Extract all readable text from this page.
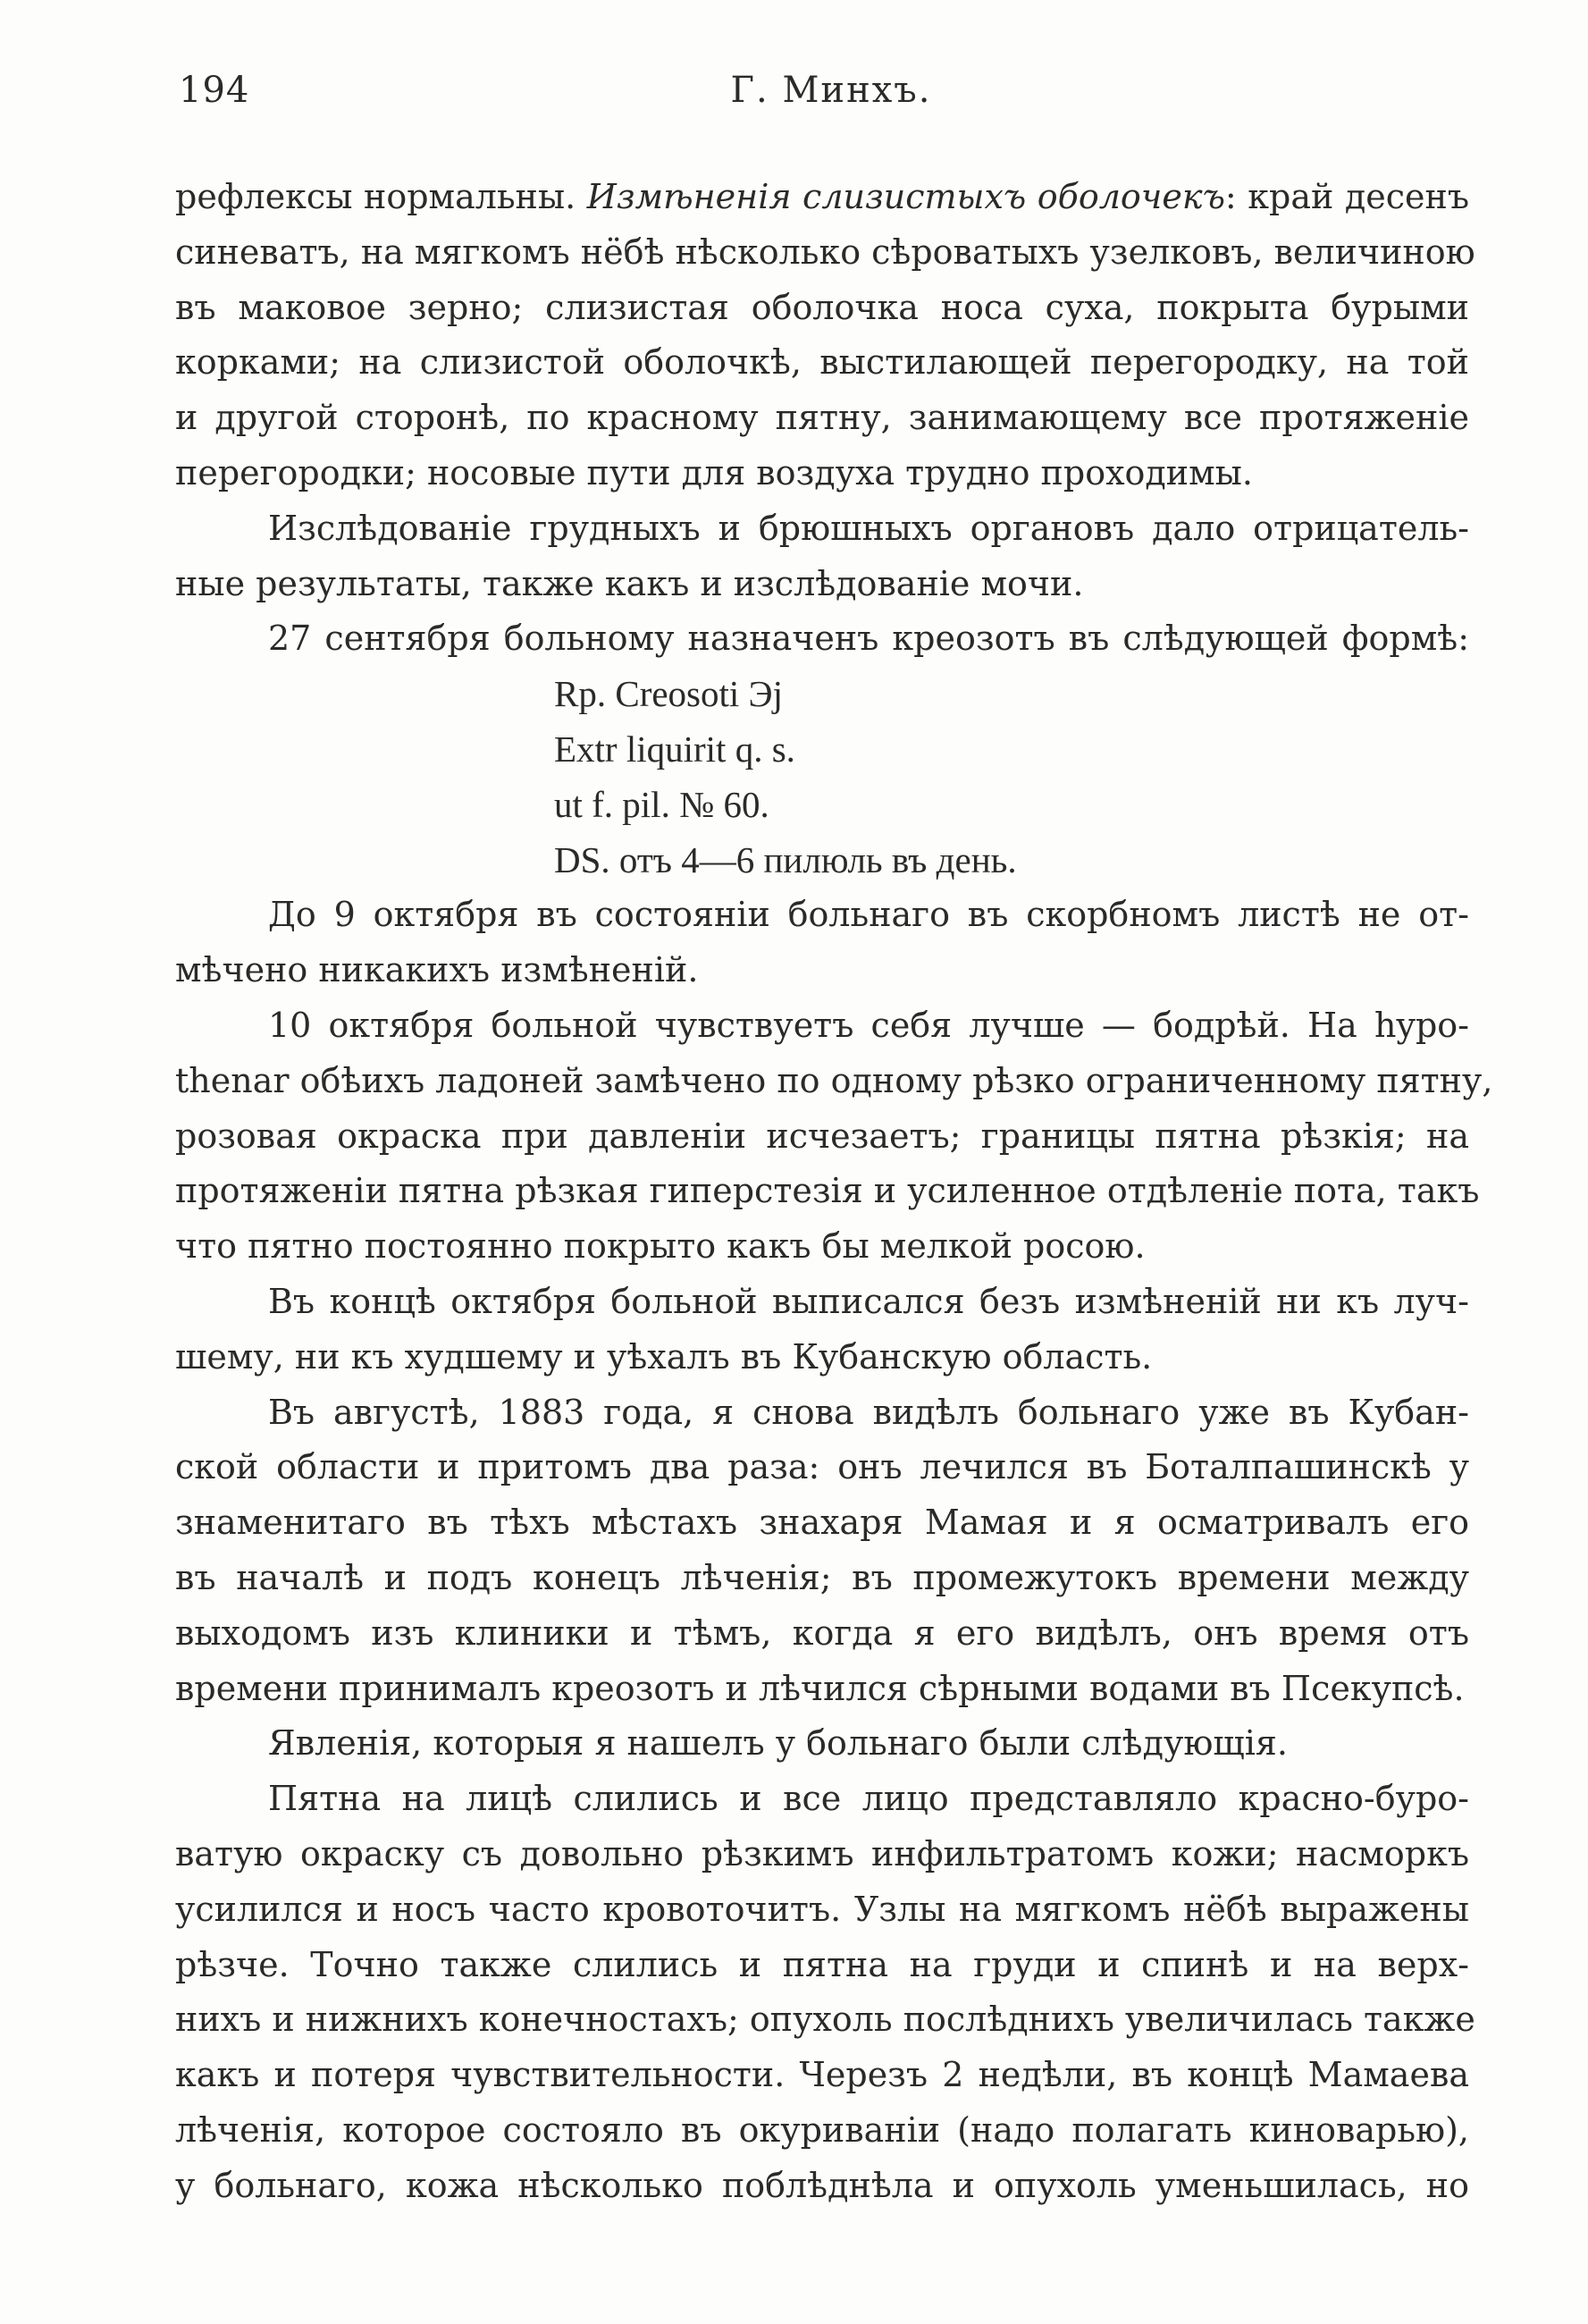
194	Г. Минхъ.
рефлексы нормальны. Измѣненія слизистыхъ оболочекъ: край десенъ
синеватъ, на мягкомъ нёбѣ нѣсколько сѣроватыхъ узелковъ, величиною
въ маковое зерно; слизистая оболочка носа суха, покрыта бурыми
корками; на слизистой оболочкѣ, выстилающей перегородку, на той
и другой сторонѣ, по красному пятну, занимающему все протяженіе
перегородки; носовые пути для воздуха трудно проходимы.
Изслѣдованіе грудныхъ и брюшныхъ органовъ дало отрицатель-
ные результаты, также какъ и изслѣдованіе мочи.
27 сентября больному назначенъ креозотъ въ слѣдующей формѣ:
Rp. Creosoti Эj
Extr liquirit q. s.
ut f. pil. № 60.
DS. отъ 4—6 пилюль въ день.
До 9 октября въ состояніи больнаго въ скорбномъ листѣ не от-
мѣчено никакихъ измѣненій.
10 октября больной чувствуетъ себя лучше — бодрѣй. На hypo-
thenar обѣихъ ладоней замѣчено по одному рѣзко ограниченному пятну,
розовая окраска при давленіи исчезаетъ; границы пятна рѣзкія; на
протяженіи пятна рѣзкая гиперстезія и усиленное отдѣленіе пота, такъ
что пятно постоянно покрыто какъ бы мелкой росою.
Въ концѣ октября больной выписался безъ измѣненій ни къ луч-
шему, ни къ худшему и уѣхалъ въ Кубанскую область.
Въ августѣ, 1883 года, я снова видѣлъ больнаго уже въ Кубан-
ской области и притомъ два раза: онъ лечился въ Боталпашинскѣ у
знаменитаго въ тѣхъ мѣстахъ знахаря Мамая и я осматривалъ его
въ началѣ и подъ конецъ лѣченія; въ промежутокъ времени между
выходомъ изъ клиники и тѣмъ, когда я его видѣлъ, онъ время отъ
времени принималъ креозотъ и лѣчился сѣрными водами въ Псекупсѣ.
Явленія, которыя я нашелъ у больнаго были слѣдующія.
Пятна на лицѣ слились и все лицо представляло красно-буро-
ватую окраску съ довольно рѣзкимъ инфильтратомъ кожи; насморкъ
усилился и носъ часто кровоточитъ. Узлы на мягкомъ нёбѣ выражены
рѣзче. Точно также слились и пятна на груди и спинѣ и на верх-
нихъ и нижнихъ конечностахъ; опухоль послѣднихъ увеличилась также
какъ и потеря чувствительности. Черезъ 2 недѣли, въ концѣ Мамаева
лѣченія, которое состояло въ окуриваніи (надо полагать киноварью),
у больнаго, кожа нѣсколько поблѣднѣла и опухоль уменьшилась, но
